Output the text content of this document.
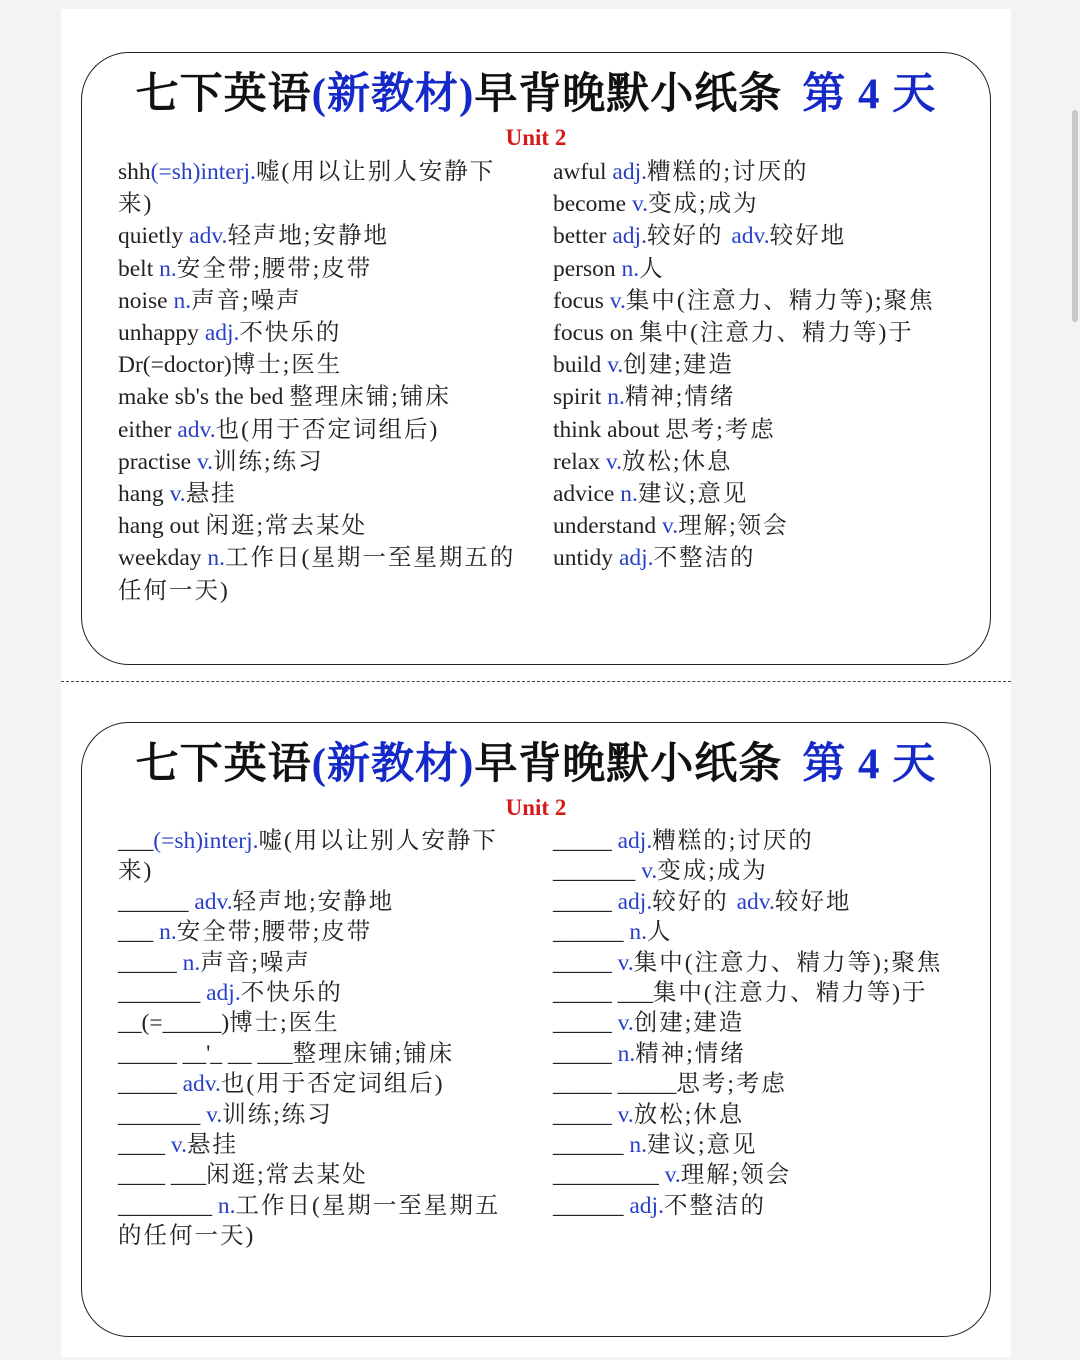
七下英语(新教材)早背晚默小纸条 第 4 天
Unit 2
shh(=sh)interj.嘘(用以让别人安静下来)
quietly adv.轻声地;安静地
belt n.安全带;腰带;皮带
noise n.声音;噪声
unhappy adj.不快乐的
Dr(=doctor)博士;医生
make sb's the bed 整理床铺;铺床
either adv.也(用于否定词组后)
practise v.训练;练习
hang v.悬挂
hang out 闲逛;常去某处
weekday n.工作日(星期一至星期五的任何一天)
awful adj.糟糕的;讨厌的
become v.变成;成为
better adj.较好的 adv.较好地
person n.人
focus v.集中(注意力、精力等);聚焦
focus on 集中(注意力、精力等)于
build v.创建;建造
spirit n.精神;情绪
think about 思考;考虑
relax v.放松;休息
advice n.建议;意见
understand v.理解;领会
untidy adj.不整洁的
七下英语(新教材)早背晚默小纸条 第 4 天
Unit 2
___(=sh)interj.嘘(用以让别人安静下来)
______ adv.轻声地;安静地
___ n.安全带;腰带;皮带
_____ n.声音;噪声
_______ adj.不快乐的
__(=_____)博士;医生
_____ __'_ __ ___整理床铺;铺床
_____ adv.也(用于否定词组后)
_______ v.训练;练习
____ v.悬挂
____ ___闲逛;常去某处
________ n.工作日(星期一至星期五的任何一天)
_____ adj.糟糕的;讨厌的
_______ v.变成;成为
_____ adj.较好的 adv.较好地
______ n.人
_____ v.集中(注意力、精力等);聚焦
_____ ___集中(注意力、精力等)于
_____ v.创建;建造
_____ n.精神;情绪
_____ _____思考;考虑
_____ v.放松;休息
______ n.建议;意见
_________ v.理解;领会
______ adj.不整洁的
